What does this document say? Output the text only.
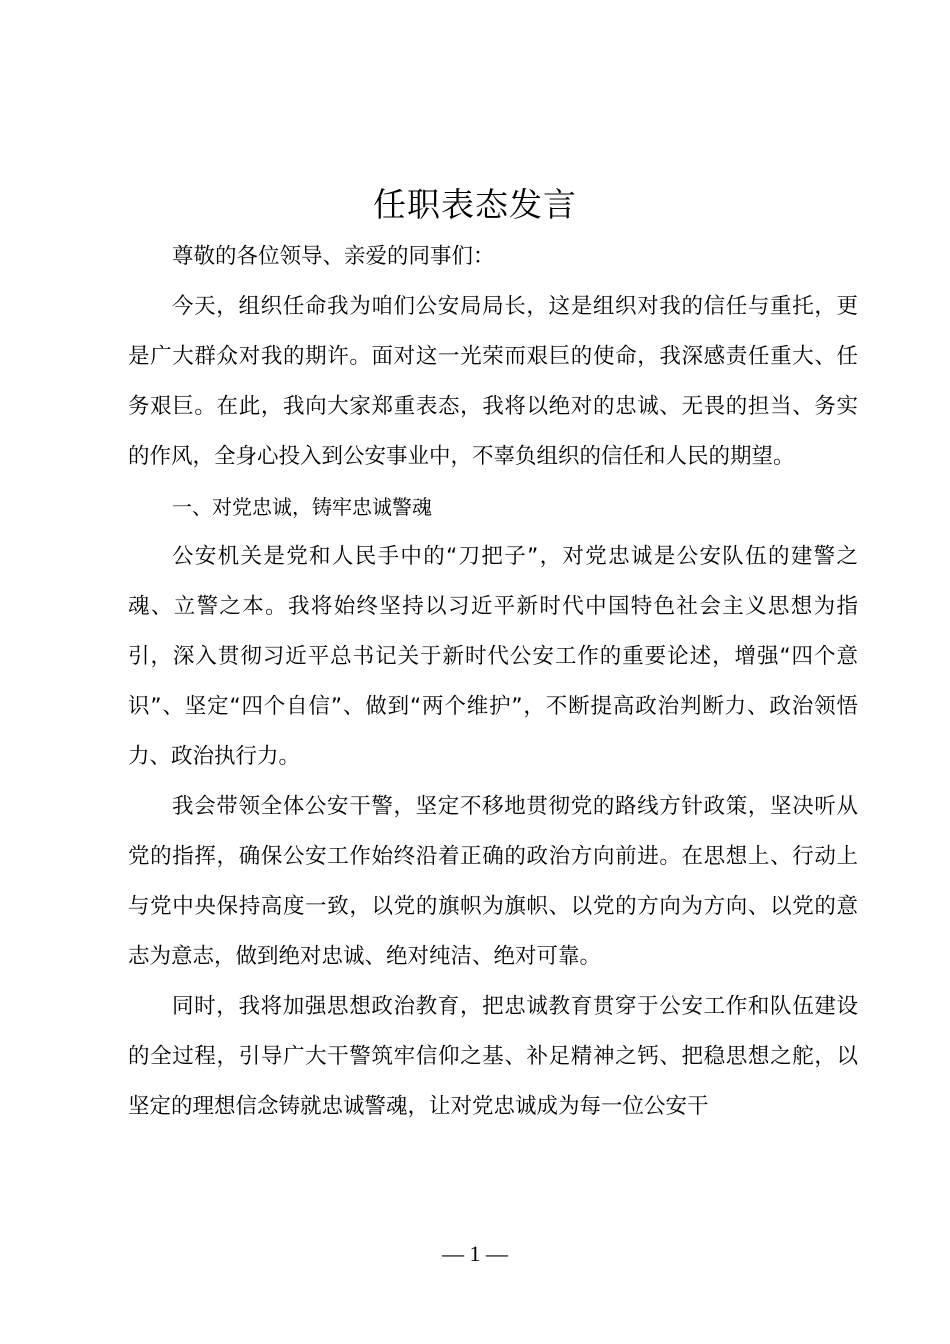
任职表态发言

尊敬的各位领导、亲爱的同事们：

今天，组织任命我为咱们公安局局长，这是组织对我的信任与重托，更是广大群众对我的期许。面对这一光荣而艰巨的使命，我深感责任重大、任务艰巨。在此，我向大家郑重表态，我将以绝对的忠诚、无畏的担当、务实的作风，全身心投入到公安事业中，不辜负组织的信任和人民的期望。

一、对党忠诚，铸牢忠诚警魂

公安机关是党和人民手中的“刀把子”，对党忠诚是公安队伍的建警之魂、立警之本。我将始终坚持以习近平新时代中国特色社会主义思想为指引，深入贯彻习近平总书记关于新时代公安工作的重要论述，增强“四个意识”、坚定“四个自信”、做到“两个维护”，不断提高政治判断力、政治领悟力、政治执行力。

我会带领全体公安干警，坚定不移地贯彻党的路线方针政策，坚决听从党的指挥，确保公安工作始终沿着正确的政治方向前进。在思想上、行动上与党中央保持高度一致，以党的旗帜为旗帜、以党的方向为方向、以党的意志为意志，做到绝对忠诚、绝对纯洁、绝对可靠。

同时，我将加强思想政治教育，把忠诚教育贯穿于公安工作和队伍建设的全过程，引导广大干警筑牢信仰之基、补足精神之钙、把稳思想之舵，以坚定的理想信念铸就忠诚警魂，让对党忠诚成为每一位公安干

— 1 —
